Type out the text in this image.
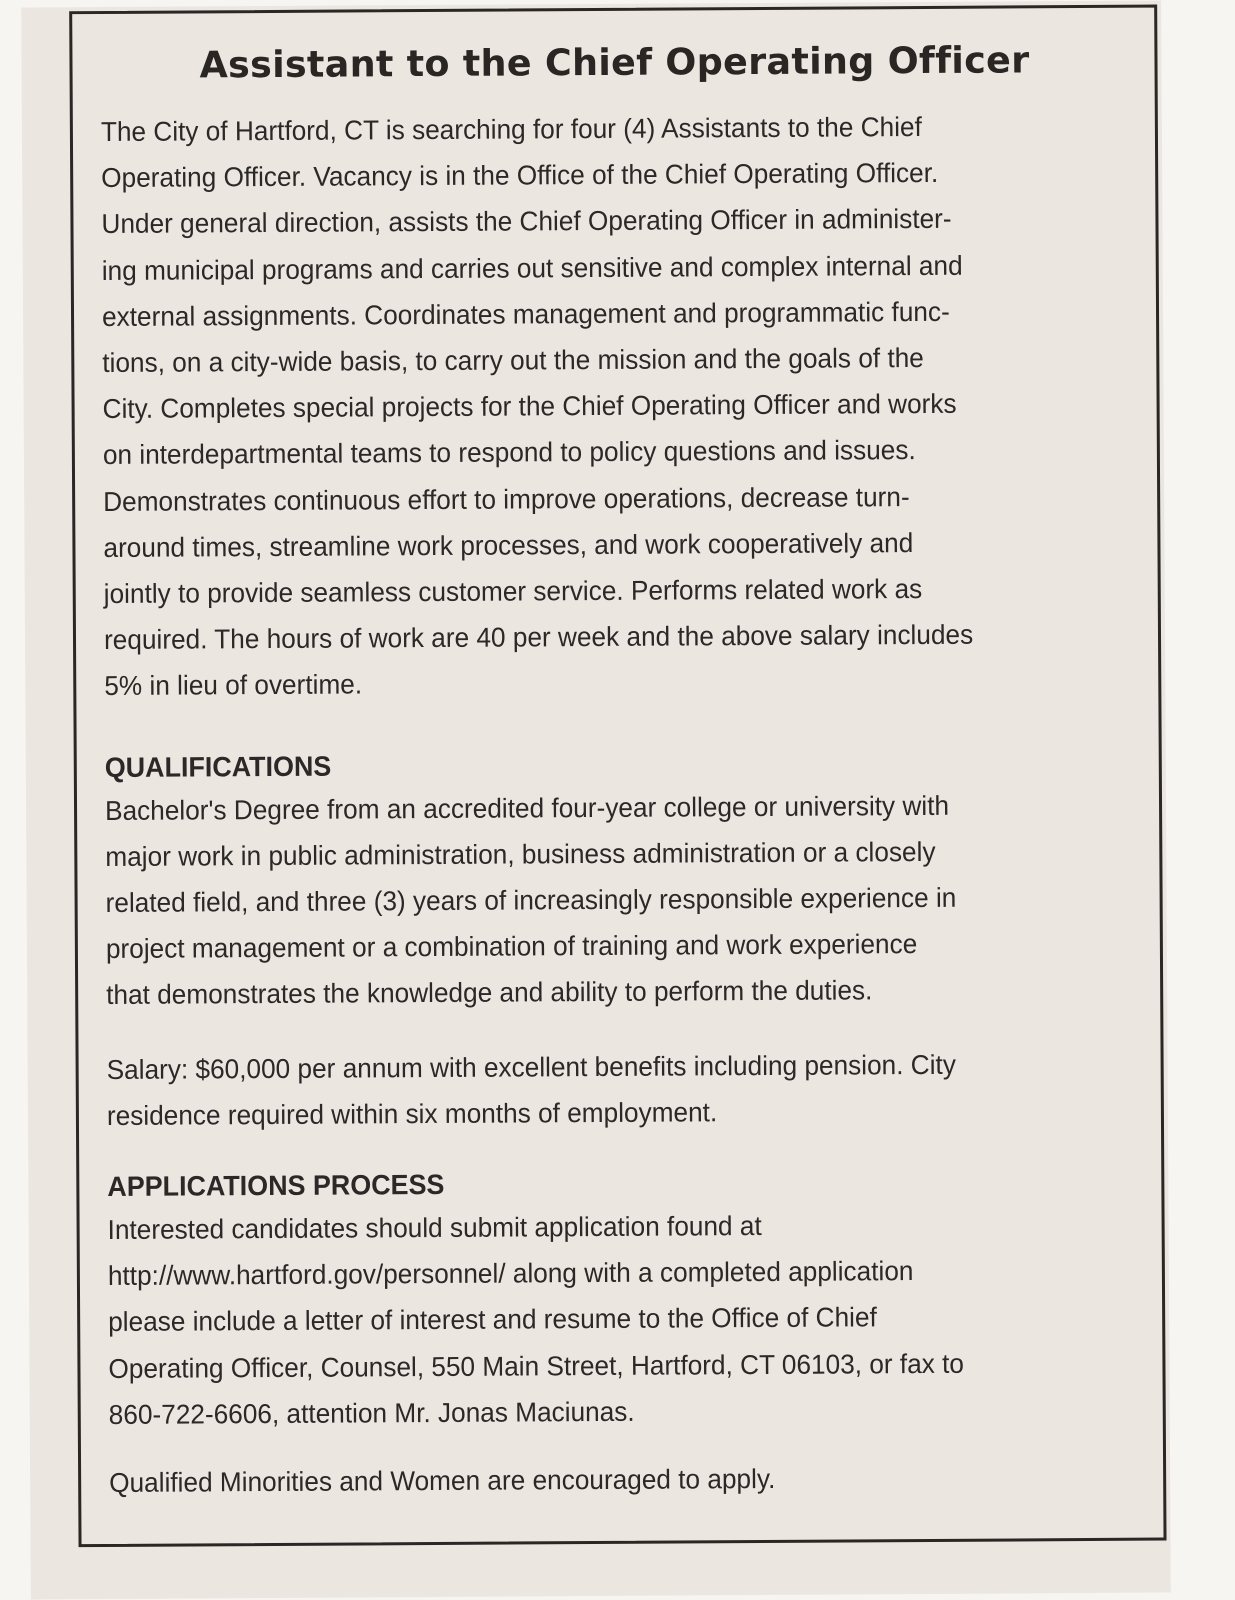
Assistant to the Chief Operating Officer

The City of Hartford, CT is searching for four (4) Assistants to the Chief
Operating Officer. Vacancy is in the Office of the Chief Operating Officer.
Under general direction, assists the Chief Operating Officer in administer-
ing municipal programs and carries out sensitive and complex internal and
external assignments. Coordinates management and programmatic func-
tions, on a city-wide basis, to carry out the mission and the goals of the
City. Completes special projects for the Chief Operating Officer and works
on interdepartmental teams to respond to policy questions and issues.
Demonstrates continuous effort to improve operations, decrease turn-
around times, streamline work processes, and work cooperatively and
jointly to provide seamless customer service. Performs related work as
required. The hours of work are 40 per week and the above salary includes
5% in lieu of overtime.

QUALIFICATIONS

Bachelor's Degree from an accredited four-year college or university with
major work in public administration, business administration or a closely
related field, and three (3) years of increasingly responsible experience in
project management or a combination of training and work experience
that demonstrates the knowledge and ability to perform the duties.

Salary: $60,000 per annum with excellent benefits including pension. City
residence required within six months of employment.

APPLICATIONS PROCESS

Interested candidates should submit application found at
http://www.hartford.gov/personnel/ along with a completed application
please include a letter of interest and resume to the Office of Chief
Operating Officer, Counsel, 550 Main Street, Hartford, CT 06103, or fax to
860-722-6606, attention Mr. Jonas Maciunas.

Qualified Minorities and Women are encouraged to apply.
